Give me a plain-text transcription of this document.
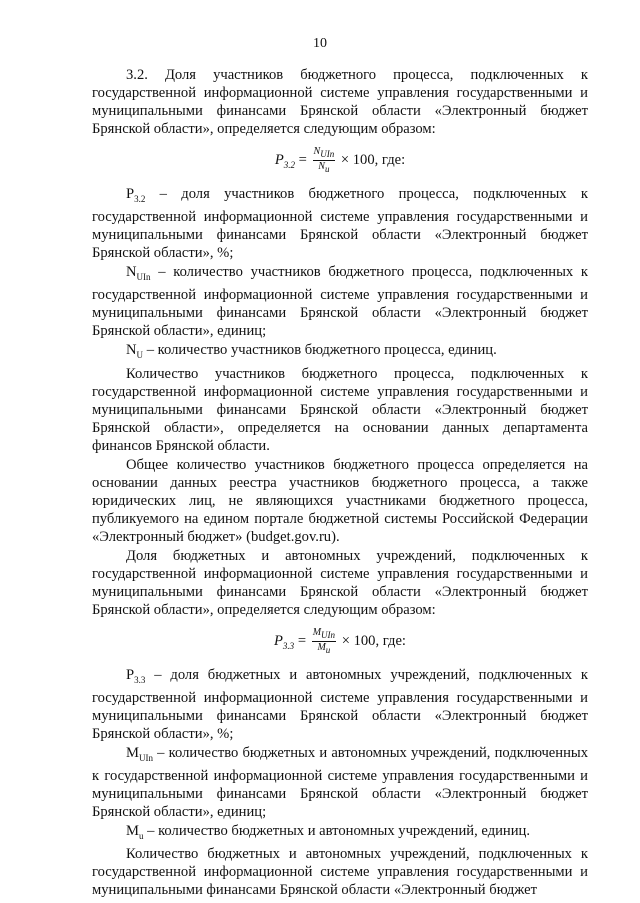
10

3.2. Доля участников бюджетного процесса, подключенных к государственной информационной системе управления государственными и муниципальными финансами Брянской области «Электронный бюджет Брянской области», определяется следующим образом:

$P_{3.2} = \frac{N_{UIn}}{N_u} \times 100$, где:

$P_{3.2}$ – доля участников бюджетного процесса, подключенных к государственной информационной системе управления государственными и муниципальными финансами Брянской области «Электронный бюджет Брянской области», %;

$N_{UIn}$ – количество участников бюджетного процесса, подключенных к государственной информационной системе управления государственными и муниципальными финансами Брянской области «Электронный бюджет Брянской области», единиц;

$N_U$ – количество участников бюджетного процесса, единиц.

Количество участников бюджетного процесса, подключенных к государственной информационной системе управления государственными и муниципальными финансами Брянской области «Электронный бюджет Брянской области», определяется на основании данных департамента финансов Брянской области.

Общее количество участников бюджетного процесса определяется на основании данных реестра участников бюджетного процесса, а также юридических лиц, не являющихся участниками бюджетного процесса, публикуемого на едином портале бюджетной системы Российской Федерации «Электронный бюджет» (budget.gov.ru).

Доля бюджетных и автономных учреждений, подключенных к государственной информационной системе управления государственными и муниципальными финансами Брянской области «Электронный бюджет Брянской области», определяется следующим образом:

$P_{3.3} = \frac{M_{UIn}}{M_u} \times 100$, где:

$P_{3.3}$ – доля бюджетных и автономных учреждений, подключенных к государственной информационной системе управления государственными и муниципальными финансами Брянской области «Электронный бюджет Брянской области», %;

$M_{UIn}$ – количество бюджетных и автономных учреждений, подключенных к государственной информационной системе управления государственными и муниципальными финансами Брянской области «Электронный бюджет Брянской области», единиц;

$M_u$ – количество бюджетных и автономных учреждений, единиц.

Количество бюджетных и автономных учреждений, подключенных к государственной информационной системе управления государственными и муниципальными финансами Брянской области «Электронный бюджет
